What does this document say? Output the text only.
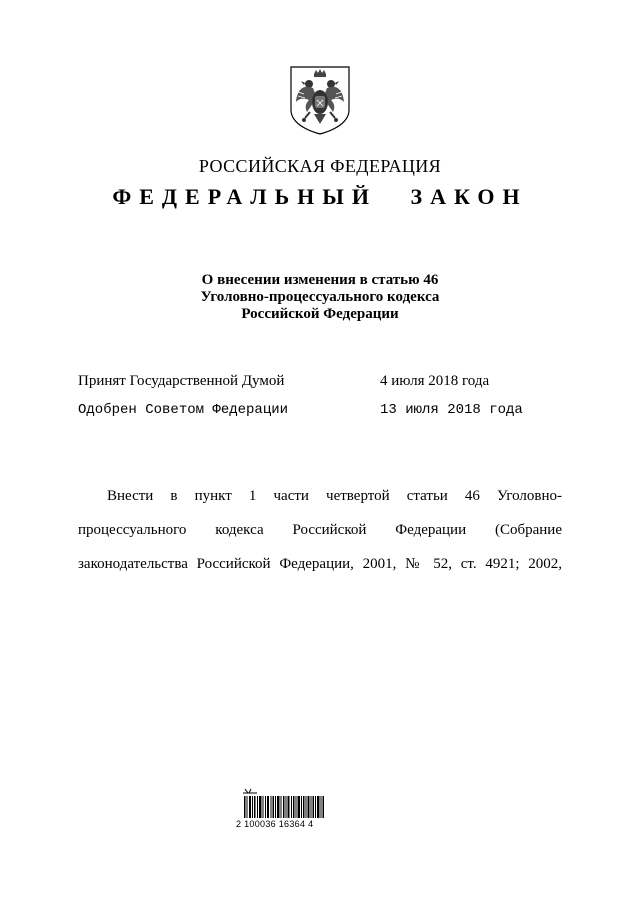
РОССИЙСКАЯ ФЕДЕРАЦИЯ
ФЕДЕРАЛЬНЫЙ ЗАКОН
О внесении изменения в статью 46
Уголовно-процессуального кодекса
Российской Федерации
Принят Государственной Думой	4 июля 2018 года
Одобрен Советом Федерации	13 июля 2018 года
Внести в пункт 1 части четвертой статьи 46 Уголовно-
процессуального кодекса Российской Федерации (Собрание
законодательства Российской Федерации, 2001, № 52, ст. 4921; 2002,
2 100036 16364 4
